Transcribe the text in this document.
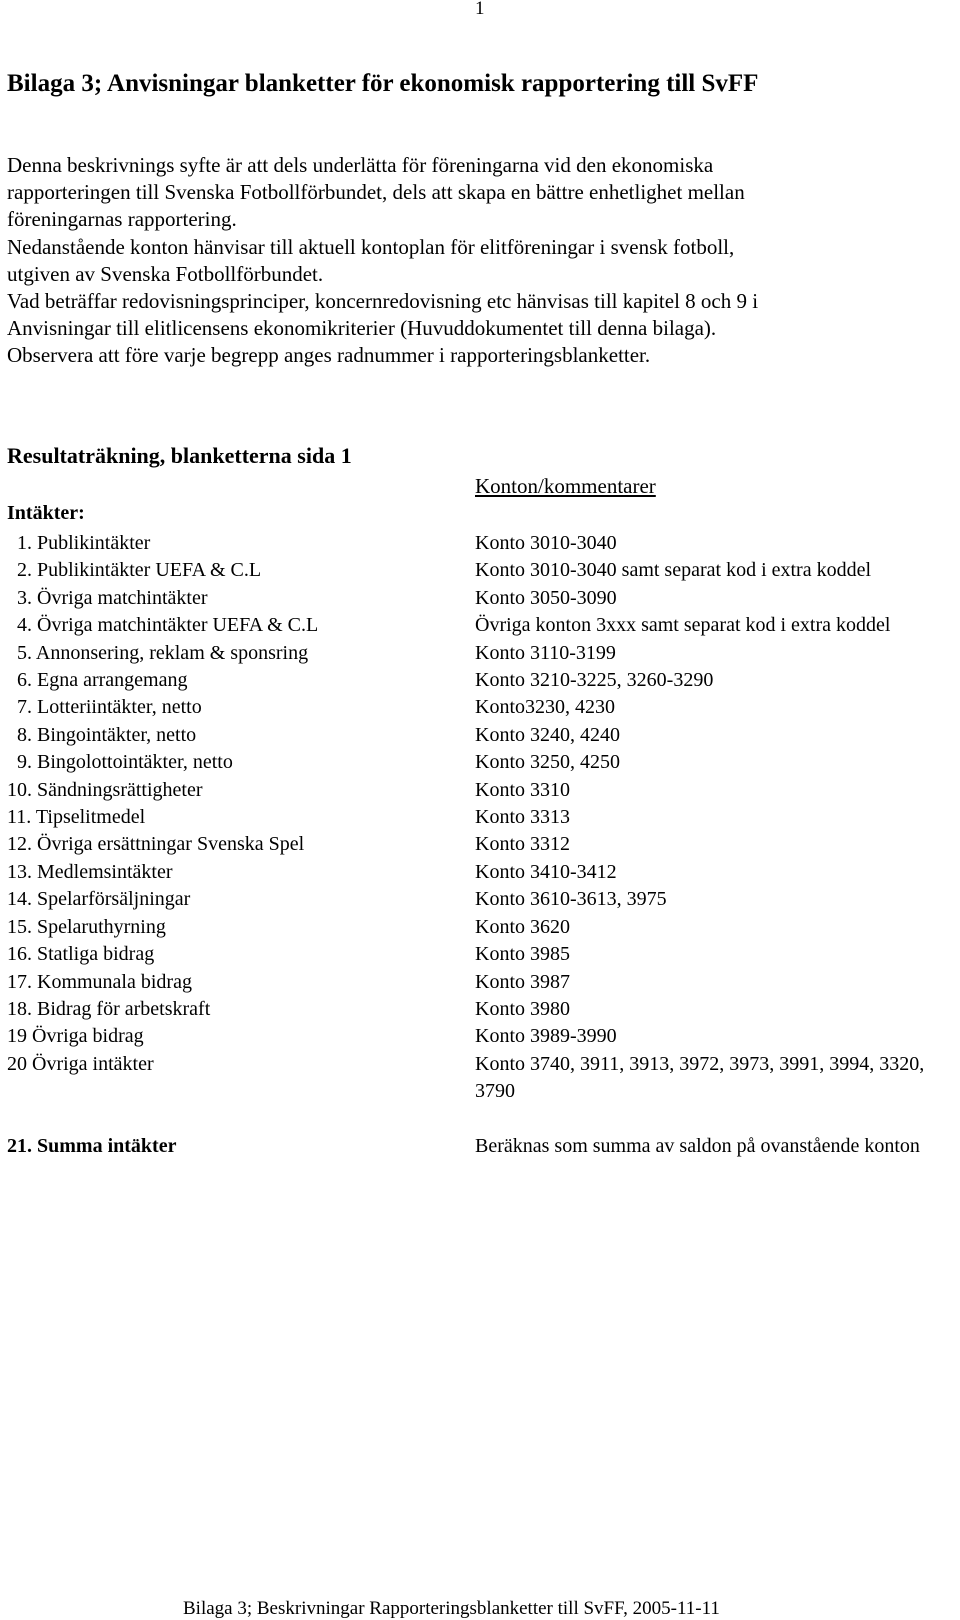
1
Bilaga 3; Anvisningar blanketter för ekonomisk rapportering till SvFF

Denna beskrivnings syfte är att dels underlätta för föreningarna vid den ekonomiska

rapporteringen till Svenska Fotbollförbundet, dels att skapa en bättre enhetlighet mellan

föreningarnas rapportering.

Nedanstående konton hänvisar till aktuell kontoplan för elitföreningar i svensk fotboll,

utgiven av Svenska Fotbollförbundet.

Vad beträffar redovisningsprinciper, koncernredovisning etc hänvisas till kapitel 8 och 9 i

Anvisningar till elitlicensens ekonomikriterier (Huvuddokumentet till denna bilaga).

Observera att före varje begrepp anges radnummer i rapporteringsblanketter.

Resultaträkning, blanketterna sida 1
Konton/kommentarer
Intäkter:
1. Publikintäkter	Konto 3010-3040
2. Publikintäkter UEFA & C.L	Konto 3010-3040 samt separat kod i extra koddel
3. Övriga matchintäkter	Konto 3050-3090
4. Övriga matchintäkter UEFA & C.L	Övriga konton 3xxx samt separat kod i extra koddel
5. Annonsering, reklam & sponsring	Konto 3110-3199
6. Egna arrangemang	Konto 3210-3225, 3260-3290
7. Lotteriintäkter, netto	Konto3230, 4230
8. Bingointäkter, netto	Konto 3240, 4240
9. Bingolottointäkter, netto	Konto 3250, 4250
10. Sändningsrättigheter	Konto 3310
11. Tipselitmedel	Konto 3313
12. Övriga ersättningar Svenska Spel	Konto 3312
13. Medlemsintäkter	Konto 3410-3412
14. Spelarförsäljningar	Konto 3610-3613, 3975
15. Spelaruthyrning	Konto 3620
16. Statliga bidrag	Konto 3985
17. Kommunala bidrag	Konto 3987
18. Bidrag för arbetskraft	Konto 3980
19 Övriga bidrag	Konto 3989-3990
20 Övriga intäkter	Konto 3740, 3911, 3913, 3972, 3973, 3991, 3994, 3320, 3790
21. Summa intäkter	Beräknas som summa av saldon på ovanstående konton
Bilaga 3; Beskrivningar Rapporteringsblanketter till SvFF, 2005-11-11
